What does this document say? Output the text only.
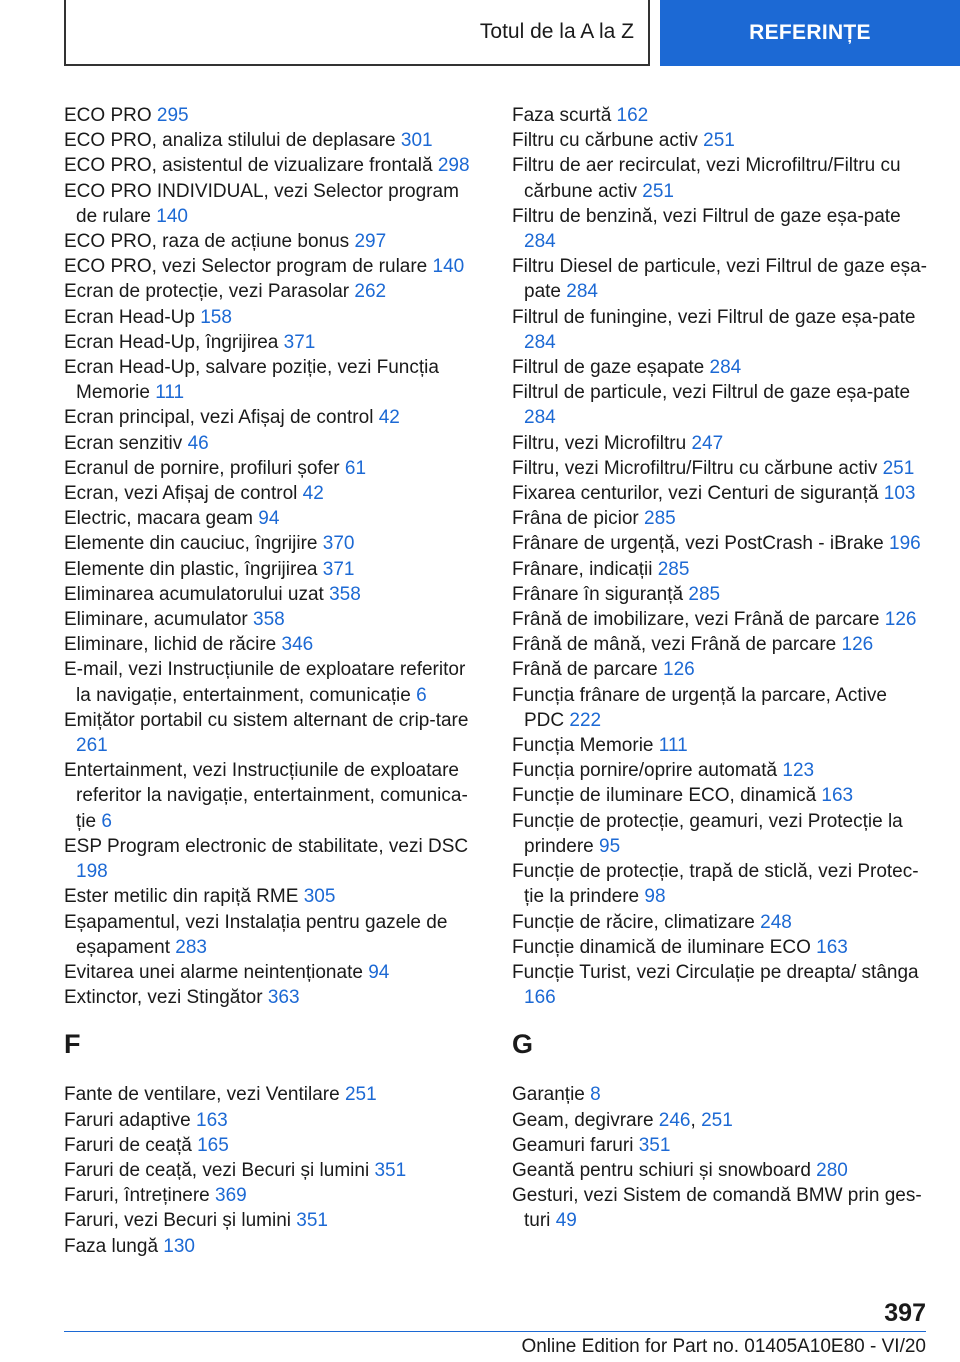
Totul de la A la Z	REFERINȚE
ECO PRO 295
ECO PRO, analiza stilului de deplasare 301
ECO PRO, asistentul de vizualizare frontală 298
ECO PRO INDIVIDUAL, vezi Selector program de rulare 140
ECO PRO, raza de acțiune bonus 297
ECO PRO, vezi Selector program de rulare 140
Ecran de protecție, vezi Parasolar 262
Ecran Head-Up 158
Ecran Head-Up, îngrijirea 371
Ecran Head-Up, salvare poziție, vezi Funcția Memorie 111
Ecran principal, vezi Afișaj de control 42
Ecran senzitiv 46
Ecranul de pornire, profiluri șofer 61
Ecran, vezi Afișaj de control 42
Electric, macara geam 94
Elemente din cauciuc, îngrijire 370
Elemente din plastic, îngrijirea 371
Eliminarea acumulatorului uzat 358
Eliminare, acumulator 358
Eliminare, lichid de răcire 346
E-mail, vezi Instrucțiunile de exploatare referitor la navigație, entertainment, comunicație 6
Emițător portabil cu sistem alternant de crip-tare 261
Entertainment, vezi Instrucțiunile de exploatare referitor la navigație, entertainment, comunica-ție 6
ESP Program electronic de stabilitate, vezi DSC 198
Ester metilic din rapiță RME 305
Eșapamentul, vezi Instalația pentru gazele de eșapament 283
Evitarea unei alarme neintenționate 94
Extinctor, vezi Stingător 363
F
Fante de ventilare, vezi Ventilare 251
Faruri adaptive 163
Faruri de ceață 165
Faruri de ceață, vezi Becuri și lumini 351
Faruri, întreținere 369
Faruri, vezi Becuri și lumini 351
Faza lungă 130
Faza scurtă 162
Filtru cu cărbune activ 251
Filtru de aer recirculat, vezi Microfiltru/Filtru cu cărbune activ 251
Filtru de benzină, vezi Filtrul de gaze eșa-pate 284
Filtru Diesel de particule, vezi Filtrul de gaze eșa-pate 284
Filtrul de funingine, vezi Filtrul de gaze eșa-pate 284
Filtrul de gaze eșapate 284
Filtrul de particule, vezi Filtrul de gaze eșa-pate 284
Filtru, vezi Microfiltru 247
Filtru, vezi Microfiltru/Filtru cu cărbune activ 251
Fixarea centurilor, vezi Centuri de siguranță 103
Frâna de picior 285
Frânare de urgență, vezi PostCrash - iBrake 196
Frânare, indicații 285
Frânare în siguranță 285
Frână de imobilizare, vezi Frână de parcare 126
Frână de mână, vezi Frână de parcare 126
Frână de parcare 126
Funcția frânare de urgență la parcare, Active PDC 222
Funcția Memorie 111
Funcția pornire/oprire automată 123
Funcție de iluminare ECO, dinamică 163
Funcție de protecție, geamuri, vezi Protecție la prindere 95
Funcție de protecție, trapă de sticlă, vezi Protec-ție la prindere 98
Funcție de răcire, climatizare 248
Funcție dinamică de iluminare ECO 163
Funcție Turist, vezi Circulație pe dreapta/ stânga 166
G
Garanție 8
Geam, degivrare 246, 251
Geamuri faruri 351
Geantă pentru schiuri și snowboard 280
Gesturi, vezi Sistem de comandă BMW prin ges-turi 49
397
Online Edition for Part no. 01405A10E80 - VI/20
